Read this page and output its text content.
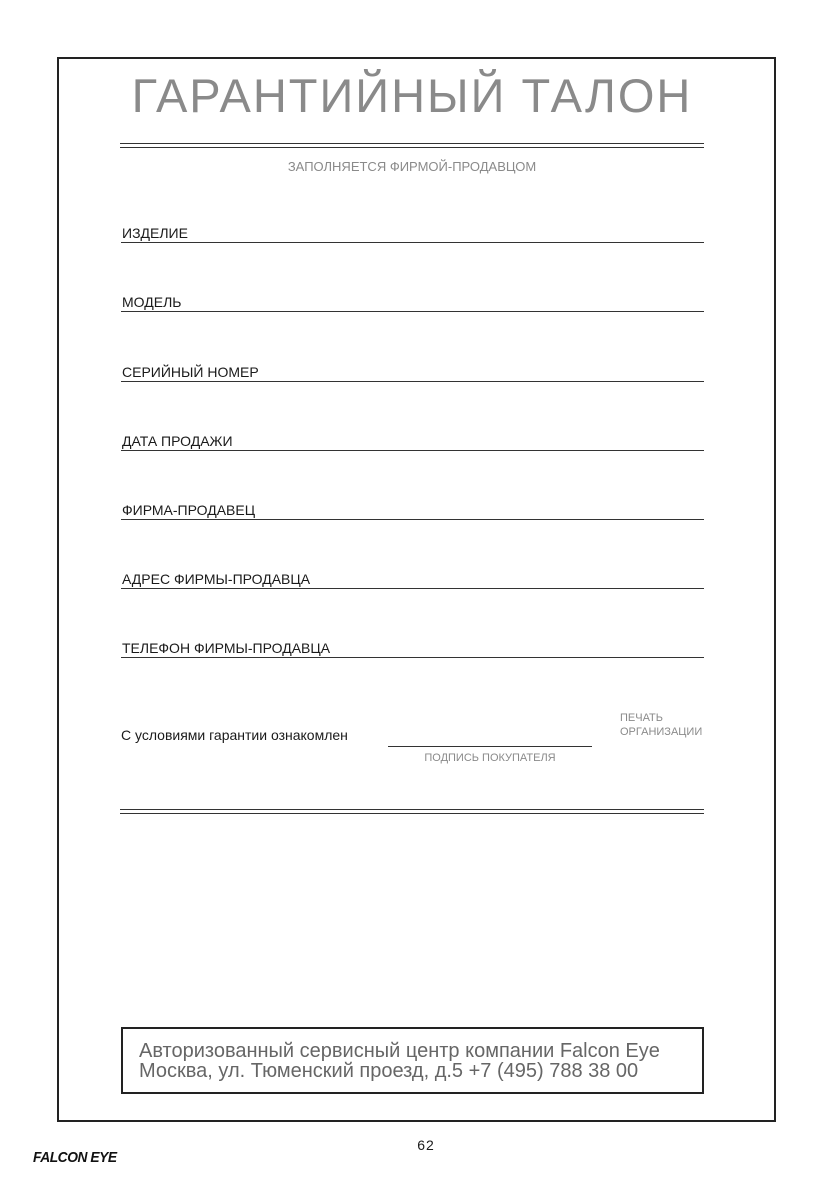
ГАРАНТИЙНЫЙ ТАЛОН
ЗАПОЛНЯЕТСЯ ФИРМОЙ-ПРОДАВЦОМ
ИЗДЕЛИЕ
МОДЕЛЬ
СЕРИЙНЫЙ НОМЕР
ДАТА ПРОДАЖИ
ФИРМА-ПРОДАВЕЦ
АДРЕС ФИРМЫ-ПРОДАВЦА
ТЕЛЕФОН ФИРМЫ-ПРОДАВЦА
С условиями гарантии ознакомлен
ПОДПИСЬ ПОКУПАТЕЛЯ
ПЕЧАТЬ
ОРГАНИЗАЦИИ
Авторизованный сервисный центр компании Falcon Eye
Москва, ул. Тюменский проезд, д.5 +7 (495) 788 38 00
62
FALCON EYE
